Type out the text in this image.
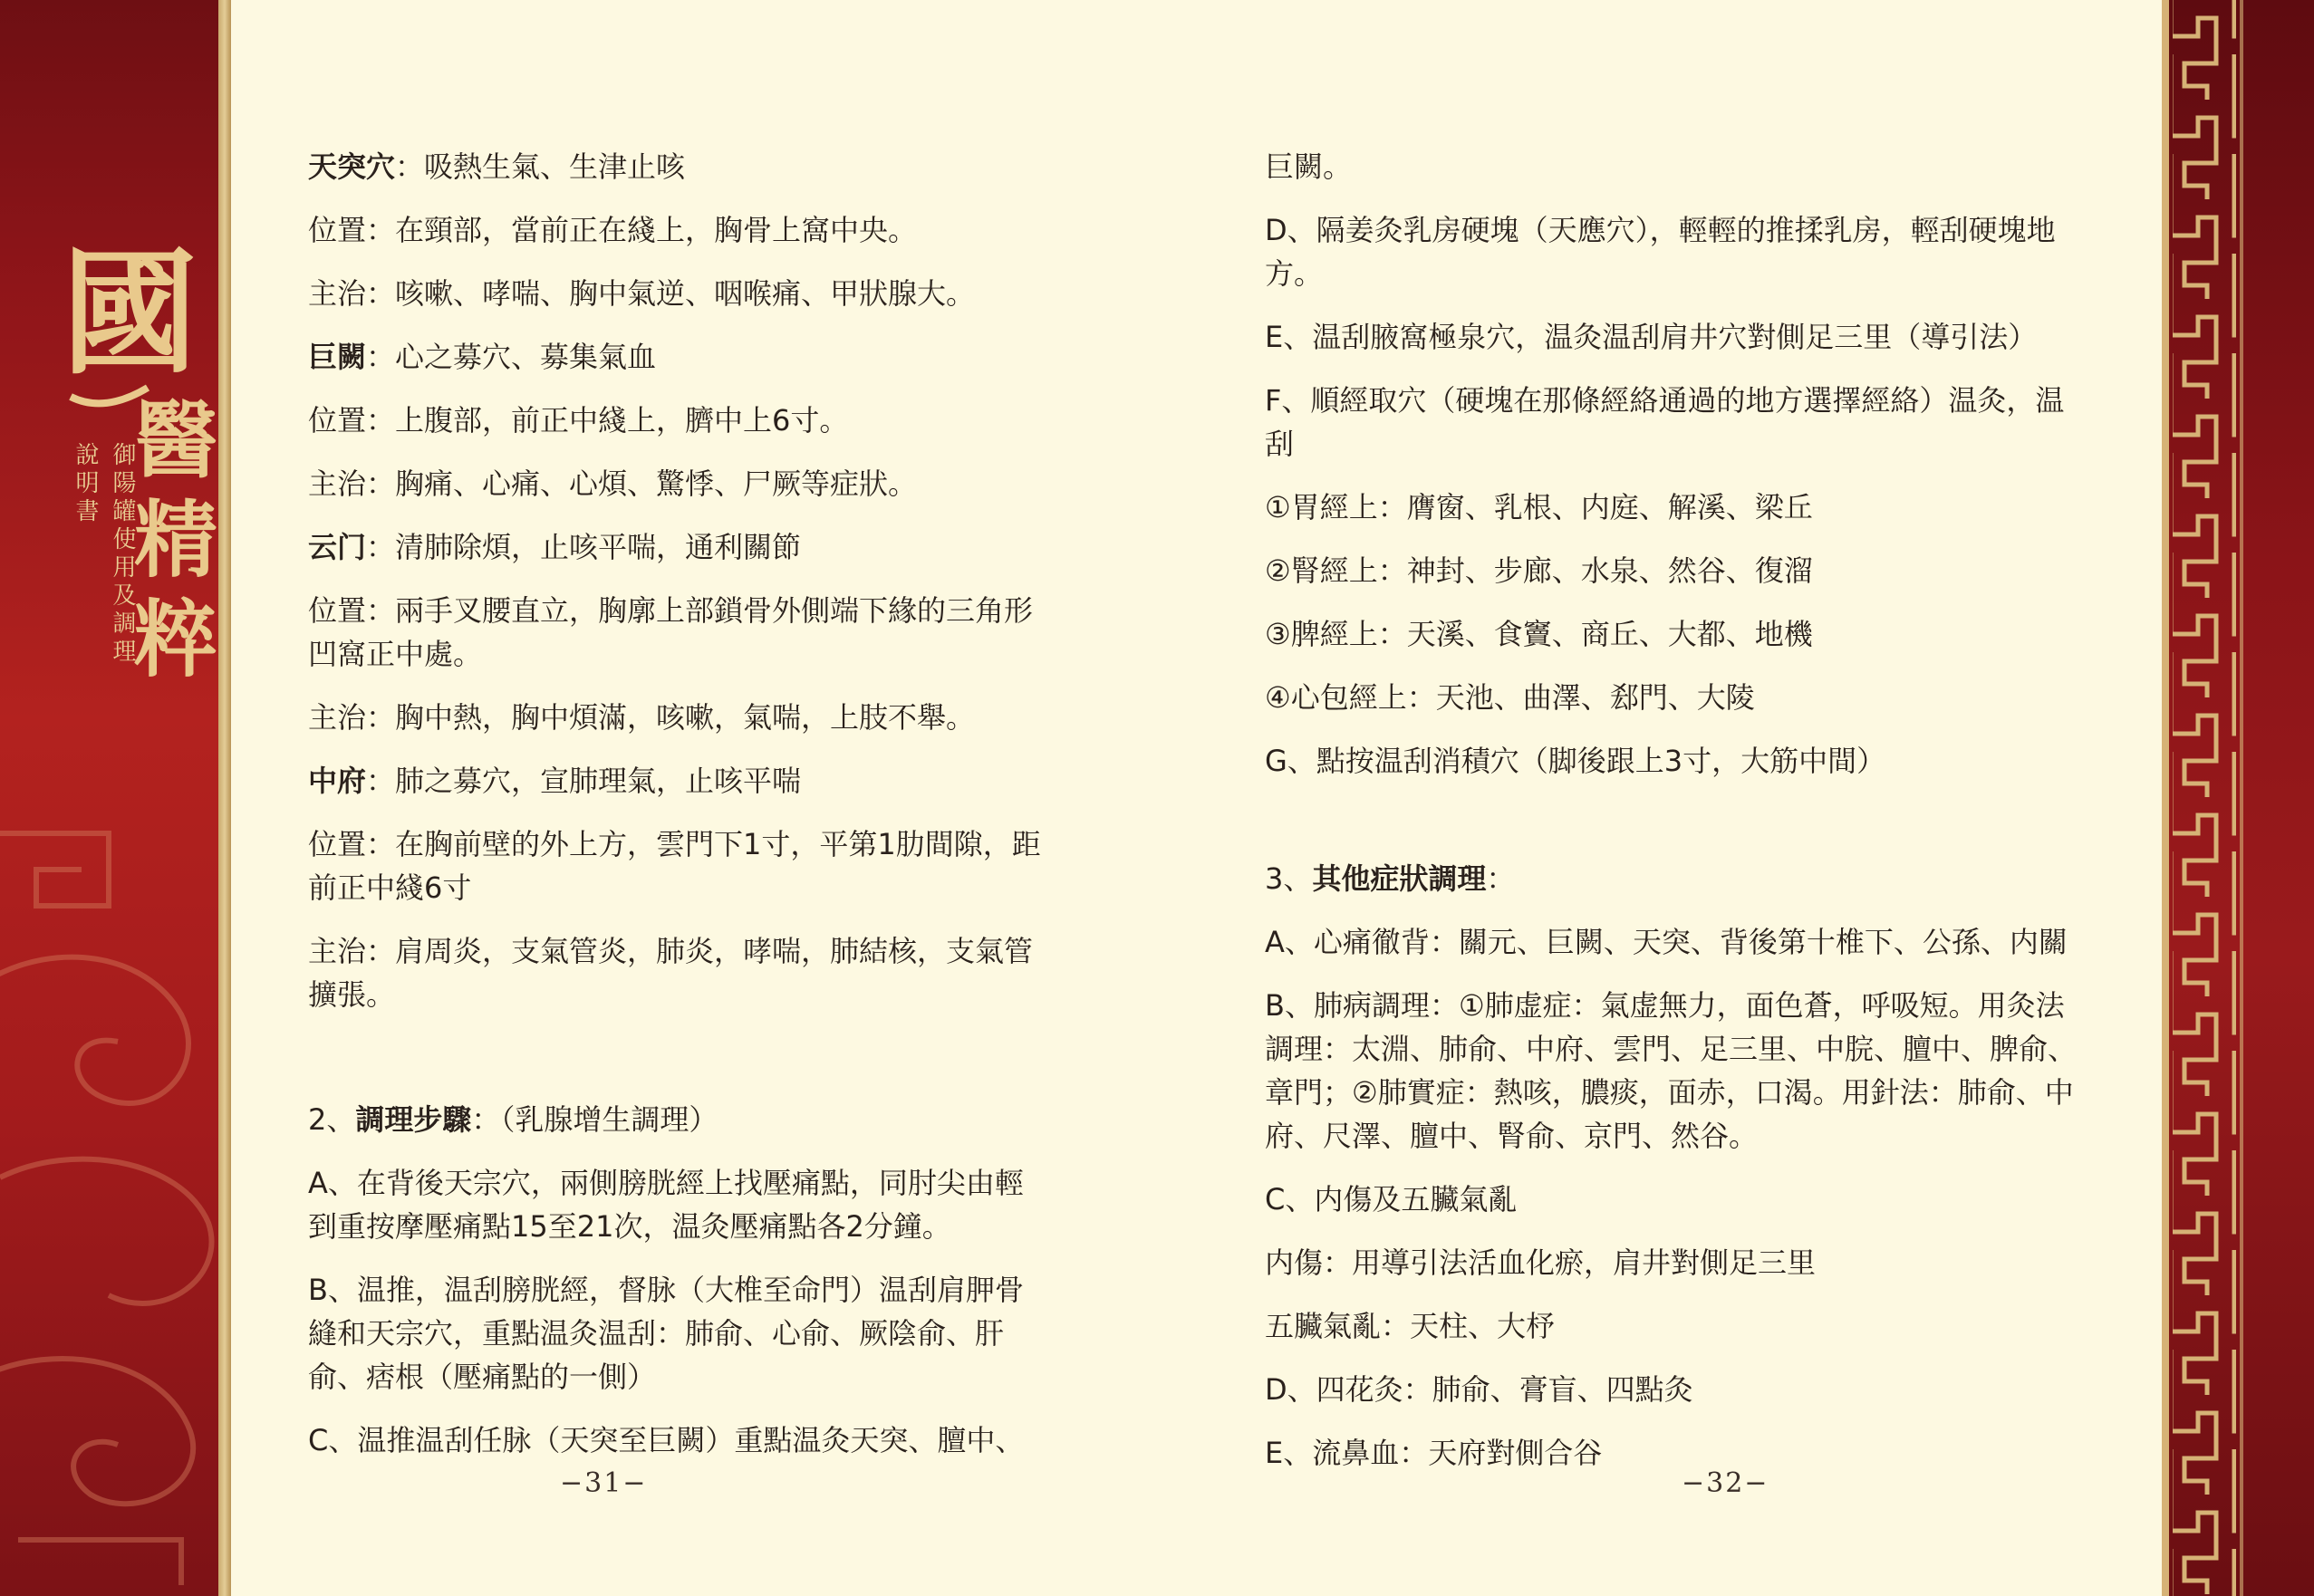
國
醫
精
粹
御陽罐使用及調理
說明書
天突穴：吸熱生氣、生津止咳
位置：在頸部，當前正在綫上，胸骨上窩中央。
主治：咳嗽、哮喘、胸中氣逆、咽喉痛、甲狀腺大。
巨闕：心之募穴、募集氣血
位置：上腹部，前正中綫上，臍中上6寸。
主治：胸痛、心痛、心煩、驚悸、尸厥等症狀。
云门：清肺除煩，止咳平喘，通利關節
位置：兩手叉腰直立，胸廓上部鎖骨外側端下緣的三角形
凹窩正中處。
主治：胸中熱，胸中煩滿，咳嗽，氣喘，上肢不舉。
中府：肺之募穴，宣肺理氣，止咳平喘
位置：在胸前壁的外上方，雲門下1寸，平第1肋間隙，距
前正中綫6寸
主治：肩周炎，支氣管炎，肺炎，哮喘，肺結核，支氣管
擴張。
2、調理步驟：（乳腺增生調理）
A、在背後天宗穴，兩側膀胱經上找壓痛點，同肘尖由輕
到重按摩壓痛點15至21次，温灸壓痛點各2分鐘。
B、温推，温刮膀胱經，督脉（大椎至命門）温刮肩胛骨
縫和天宗穴，重點温灸温刮：肺俞、心俞、厥陰俞、肝
俞、痞根（壓痛點的一側）
C、温推温刮任脉（天突至巨闕）重點温灸天突、膻中、
−31−
巨闕。
D、隔姜灸乳房硬塊（天應穴），輕輕的推揉乳房，輕刮硬塊地
方。
E、温刮腋窩極泉穴，温灸温刮肩井穴對側足三里（導引法）
F、順經取穴（硬塊在那條經絡通過的地方選擇經絡）温灸，温
刮
①胃經上：膺窗、乳根、内庭、解溪、梁丘
②腎經上：神封、步廊、水泉、然谷、復溜
③脾經上：天溪、食竇、商丘、大都、地機
④心包經上：天池、曲澤、郄門、大陵
G、點按温刮消積穴（脚後跟上3寸，大筋中間）
3、其他症狀調理：
A、心痛徹背：關元、巨闕、天突、背後第十椎下、公孫、内關
B、肺病調理：①肺虚症：氣虚無力，面色蒼，呼吸短。用灸法
調理：太淵、肺俞、中府、雲門、足三里、中脘、膻中、脾俞、
章門；②肺實症：熱咳，膿痰，面赤，口渴。用針法：肺俞、中
府、尺澤、膻中、腎俞、京門、然谷。
C、内傷及五臟氣亂
内傷：用導引法活血化瘀，肩井對側足三里
五臟氣亂：天柱、大杼
D、四花灸：肺俞、膏盲、四點灸
E、流鼻血：天府對側合谷
−32−
